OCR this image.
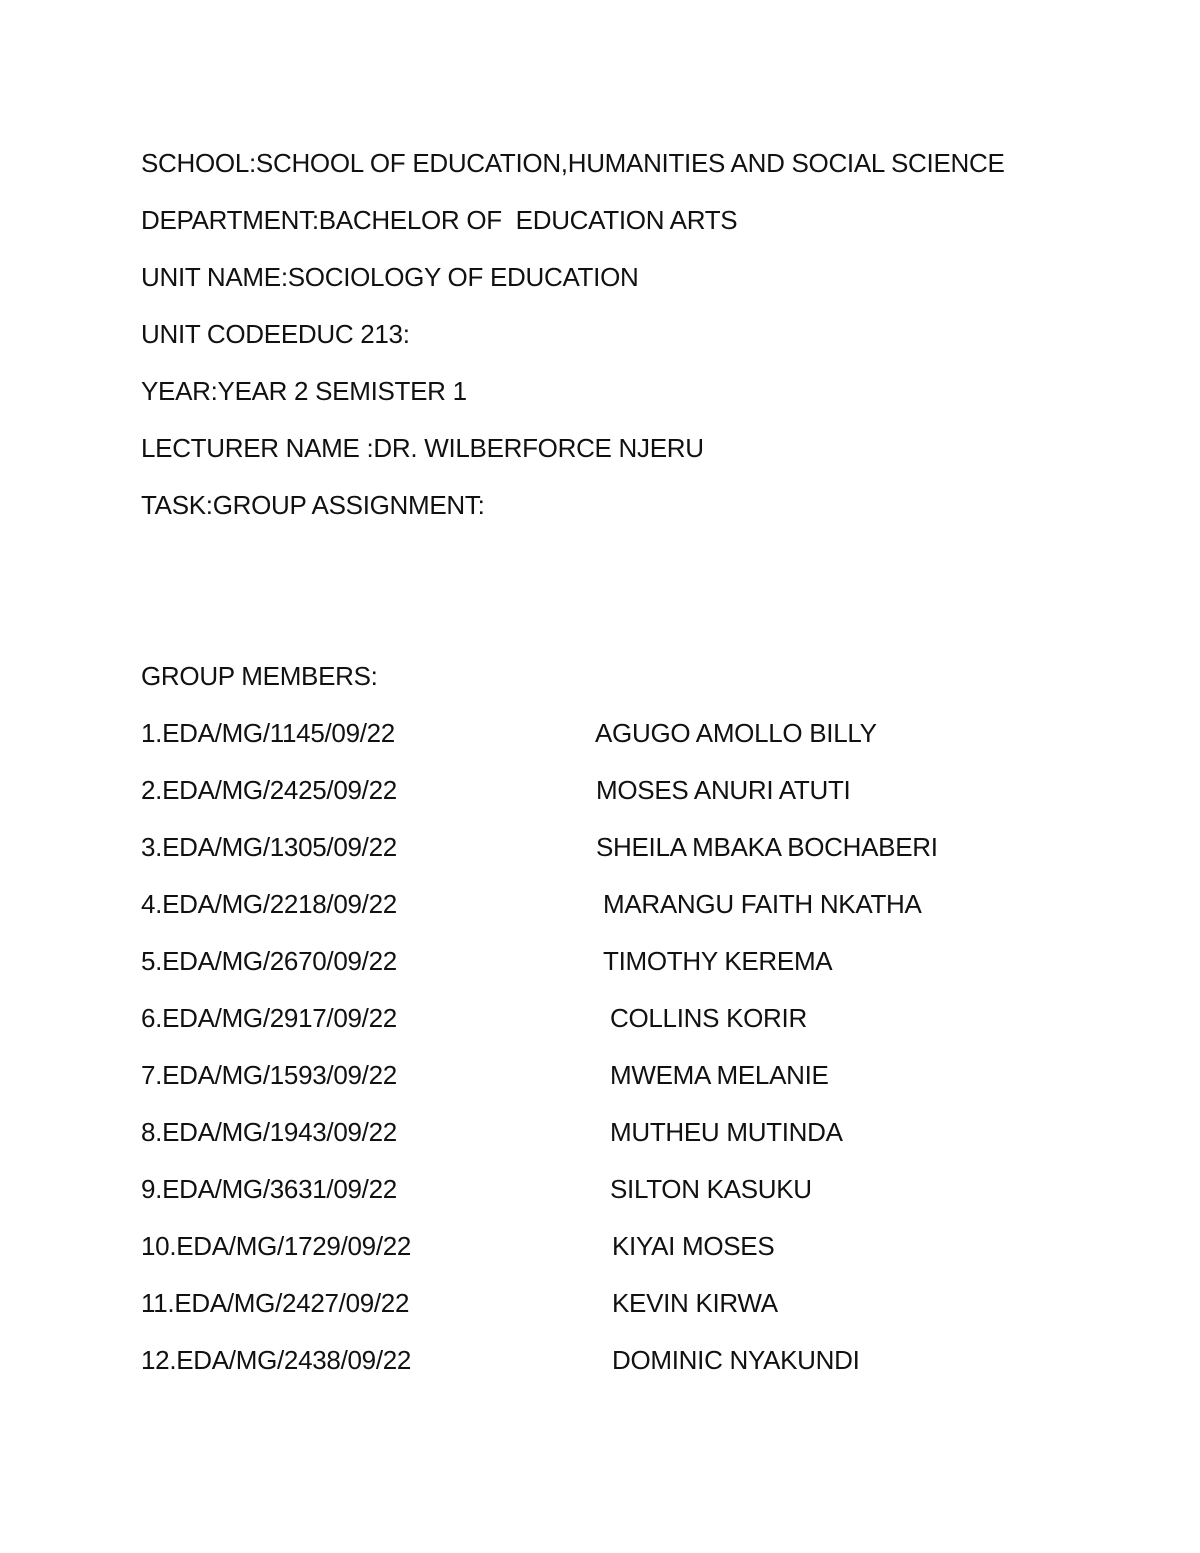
SCHOOL:SCHOOL OF EDUCATION,HUMANITIES AND SOCIAL SCIENCE
DEPARTMENT:BACHELOR OF  EDUCATION ARTS
UNIT NAME:SOCIOLOGY OF EDUCATION
UNIT CODEEDUC 213:
YEAR:YEAR 2 SEMISTER 1
LECTURER NAME :DR. WILBERFORCE NJERU
TASK:GROUP ASSIGNMENT:
GROUP MEMBERS:
1.EDA/MG/1145/09/22	AGUGO AMOLLO BILLY
2.EDA/MG/2425/09/22	MOSES ANURI ATUTI
3.EDA/MG/1305/09/22	SHEILA MBAKA BOCHABERI
4.EDA/MG/2218/09/22	MARANGU FAITH NKATHA
5.EDA/MG/2670/09/22	TIMOTHY KEREMA
6.EDA/MG/2917/09/22	COLLINS KORIR
7.EDA/MG/1593/09/22	MWEMA MELANIE
8.EDA/MG/1943/09/22	MUTHEU MUTINDA
9.EDA/MG/3631/09/22	SILTON KASUKU
10.EDA/MG/1729/09/22	KIYAI MOSES
11.EDA/MG/2427/09/22	KEVIN KIRWA
12.EDA/MG/2438/09/22	DOMINIC NYAKUNDI
